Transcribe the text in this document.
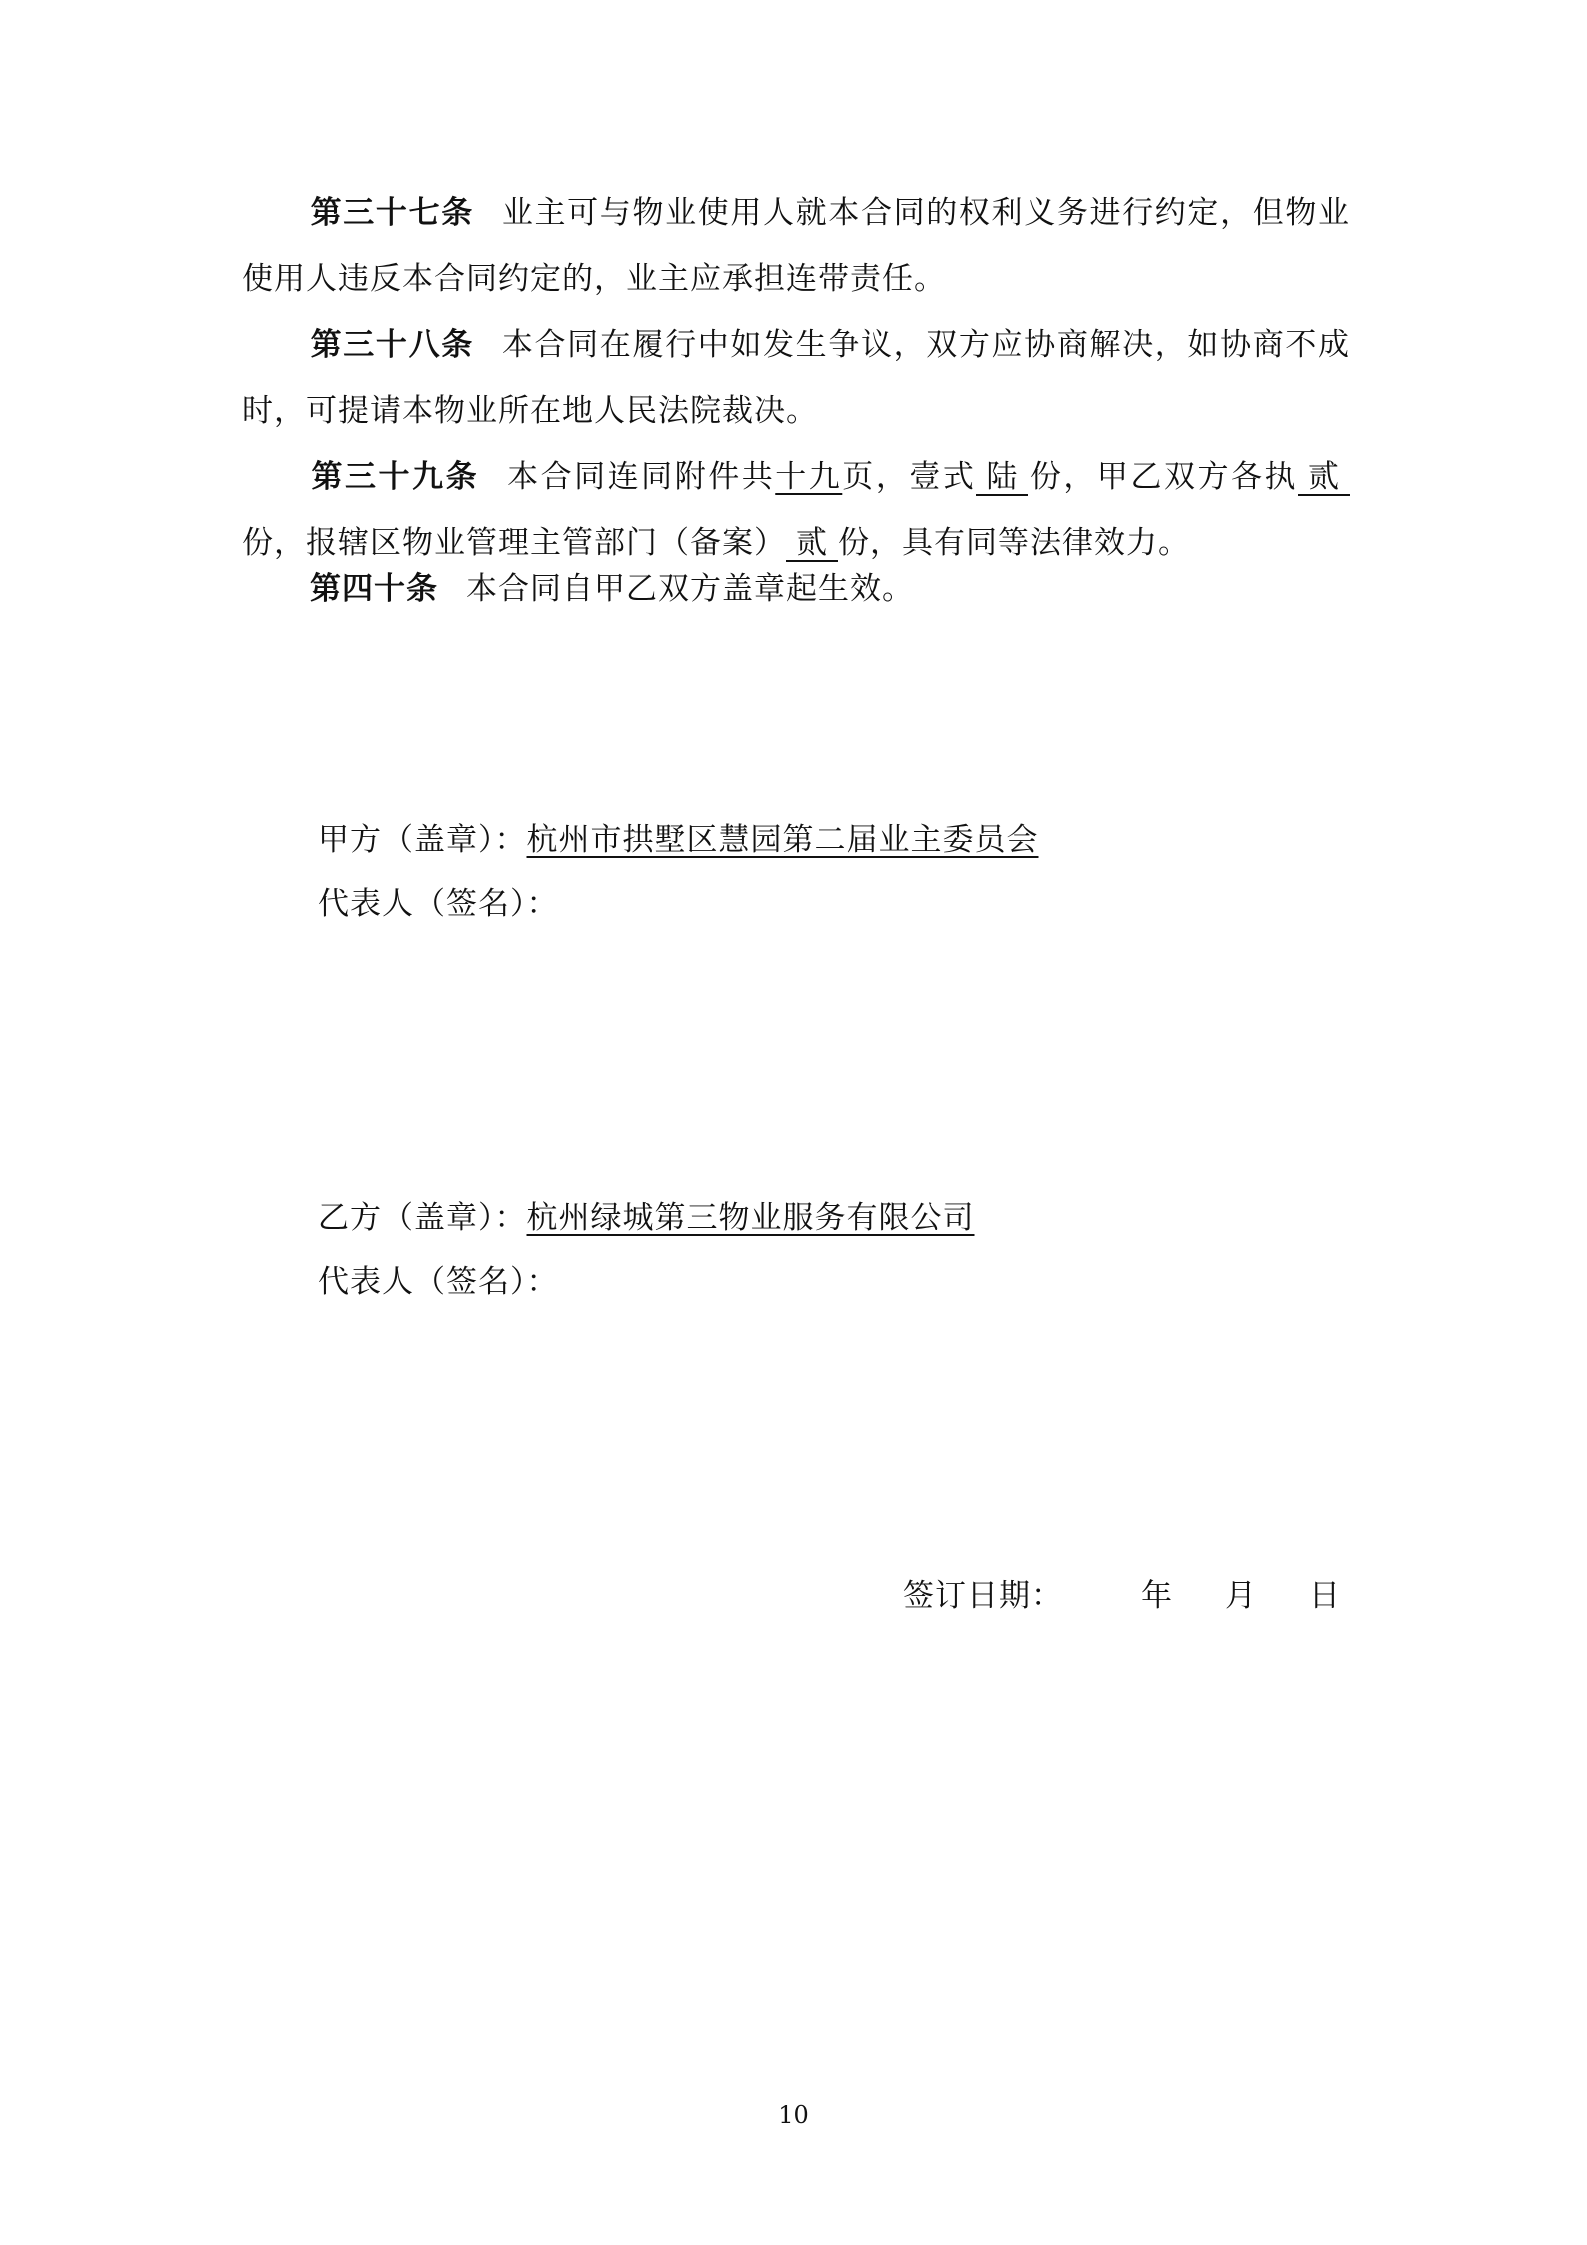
第三十七条 业主可与物业使用人就本合同的权利义务进行约定，但物业使用人违反本合同约定的，业主应承担连带责任。
第三十八条 本合同在履行中如发生争议，双方应协商解决，如协商不成时，可提请本物业所在地人民法院裁决。
第三十九条 本合同连同附件共十九页，壹式 陆 份，甲乙双方各执 贰份，报辖区物业管理主管部门（备案） 贰 份，具有同等法律效力。
第四十条 本合同自甲乙双方盖章起生效。
甲方（盖章）：杭州市拱墅区慧园第二届业主委员会
代表人（签名）：
乙方（盖章）：杭州绿城第三物业服务有限公司
代表人（签名）：
签订日期：	年 月 日
10
